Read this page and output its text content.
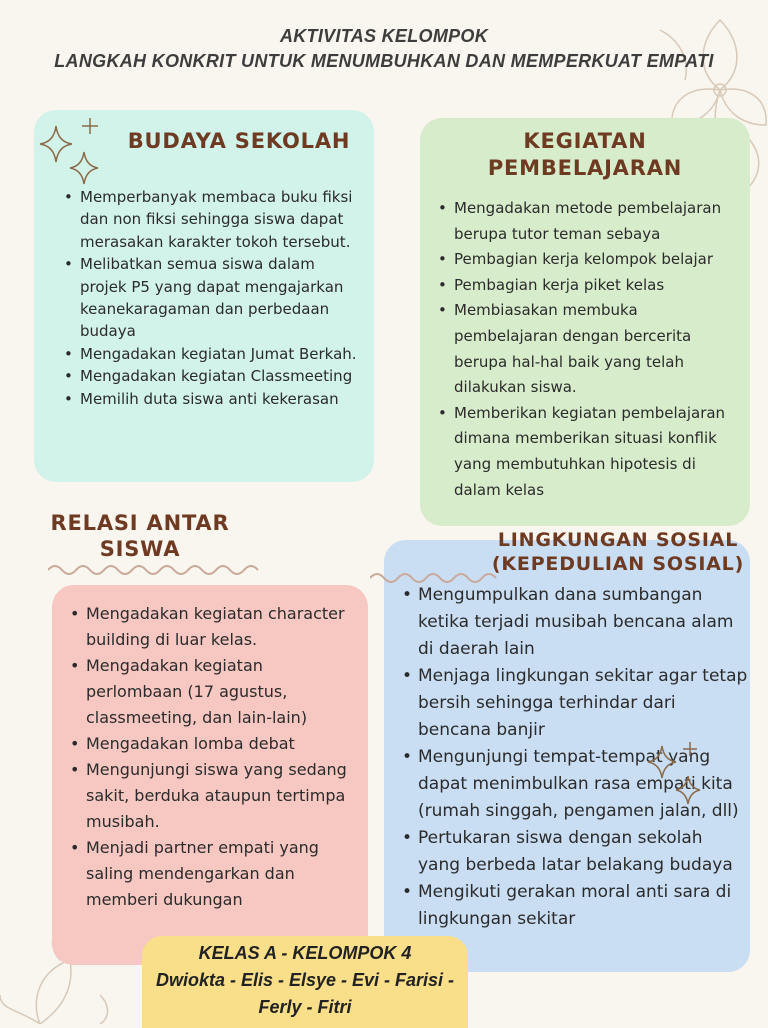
AKTIVITAS KELOMPOK
LANGKAH KONKRIT UNTUK MENUMBUHKAN DAN MEMPERKUAT EMPATI
BUDAYA SEKOLAH
• Memperbanyak membaca buku fiksi dan non fiksi sehingga siswa dapat merasakan karakter tokoh tersebut.
• Melibatkan semua siswa dalam projek P5 yang dapat mengajarkan keanekaragaman dan perbedaan budaya
• Mengadakan kegiatan Jumat Berkah.
• Mengadakan kegiatan Classmeeting
• Memilih duta siswa anti kekerasan
KEGIATAN
PEMBELAJARAN
• Mengadakan metode pembelajaran berupa tutor teman sebaya
• Pembagian kerja kelompok belajar
• Pembagian kerja piket kelas
• Membiasakan membuka pembelajaran dengan bercerita berupa hal-hal baik yang telah dilakukan siswa.
• Memberikan kegiatan pembelajaran dimana memberikan situasi konflik yang membutuhkan hipotesis di dalam kelas
RELASI ANTAR
SISWA
• Mengadakan kegiatan character building di luar kelas.
• Mengadakan kegiatan perlombaan (17 agustus, classmeeting, dan lain-lain)
• Mengadakan lomba debat
• Mengunjungi siswa yang sedang sakit, berduka ataupun tertimpa musibah.
• Menjadi partner empati yang saling mendengarkan dan memberi dukungan
• Mengumpulkan dana sumbangan ketika terjadi musibah bencana alam di daerah lain
• Menjaga lingkungan sekitar agar tetap bersih sehingga terhindar dari bencana banjir
• Mengunjungi tempat-tempat yang dapat menimbulkan rasa empati kita (rumah singgah, pengamen jalan, dll)
• Pertukaran siswa dengan sekolah yang berbeda latar belakang budaya
• Mengikuti gerakan moral anti sara di lingkungan sekitar
LINGKUNGAN SOSIAL
(KEPEDULIAN SOSIAL)
KELAS A - KELOMPOK 4
Dwiokta - Elis - Elsye - Evi - Farisi -
Ferly - Fitri
